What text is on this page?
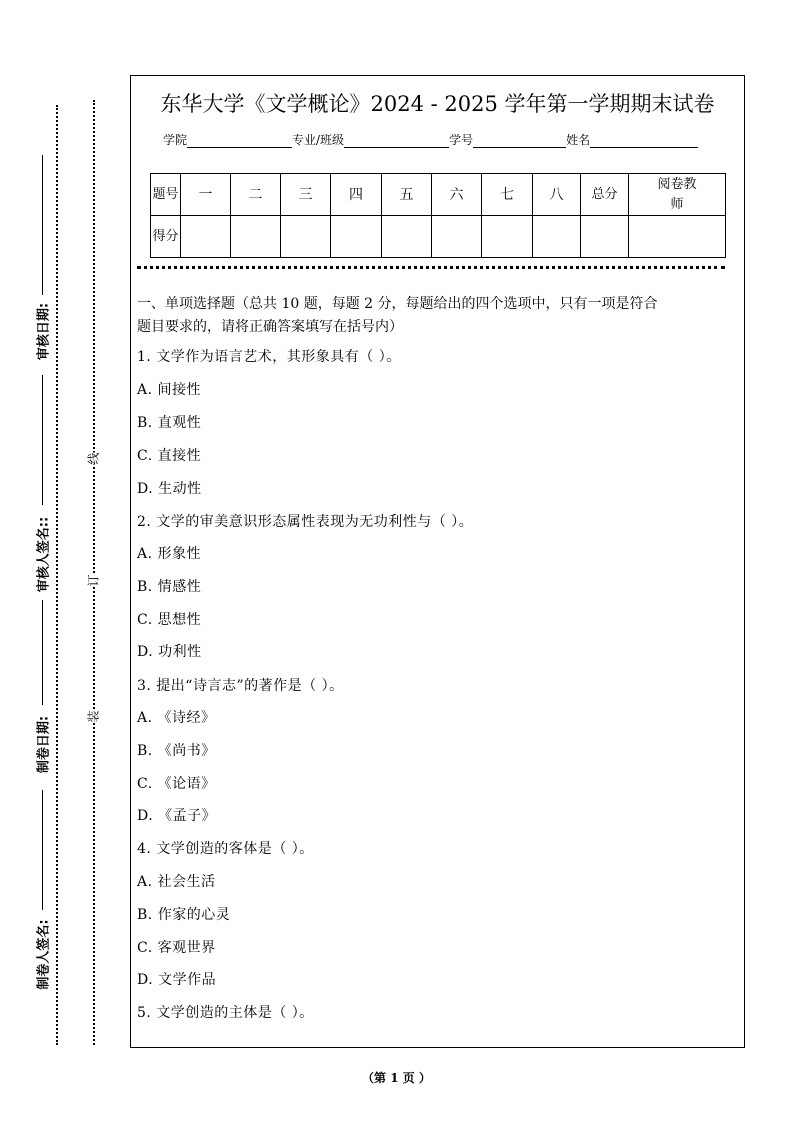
审核日期:
审核人签名::
制卷日期:
制卷人签名:
线
订
装
东华大学《文学概论》2024 - 2025 学年第一学期期末试卷
学院	专业/班级	学号	姓名
题号	一	二	三	四	五	六	七	八	总分	阅卷教师
得分										
一、单项选择题（总共 10 题，每题 2 分，每题给出的四个选项中，只有一项是符合
题目要求的，请将正确答案填写在括号内）
1. 文学作为语言艺术，其形象具有（ ）。
A. 间接性
B. 直观性
C. 直接性
D. 生动性
2. 文学的审美意识形态属性表现为无功利性与（ ）。
A. 形象性
B. 情感性
C. 思想性
D. 功利性
3. 提出“诗言志”的著作是（ ）。
A. 《诗经》
B. 《尚书》
C. 《论语》
D. 《孟子》
4. 文学创造的客体是（ ）。
A. 社会生活
B. 作家的心灵
C. 客观世界
D. 文学作品
5. 文学创造的主体是（ ）。
（第 1 页 ）
